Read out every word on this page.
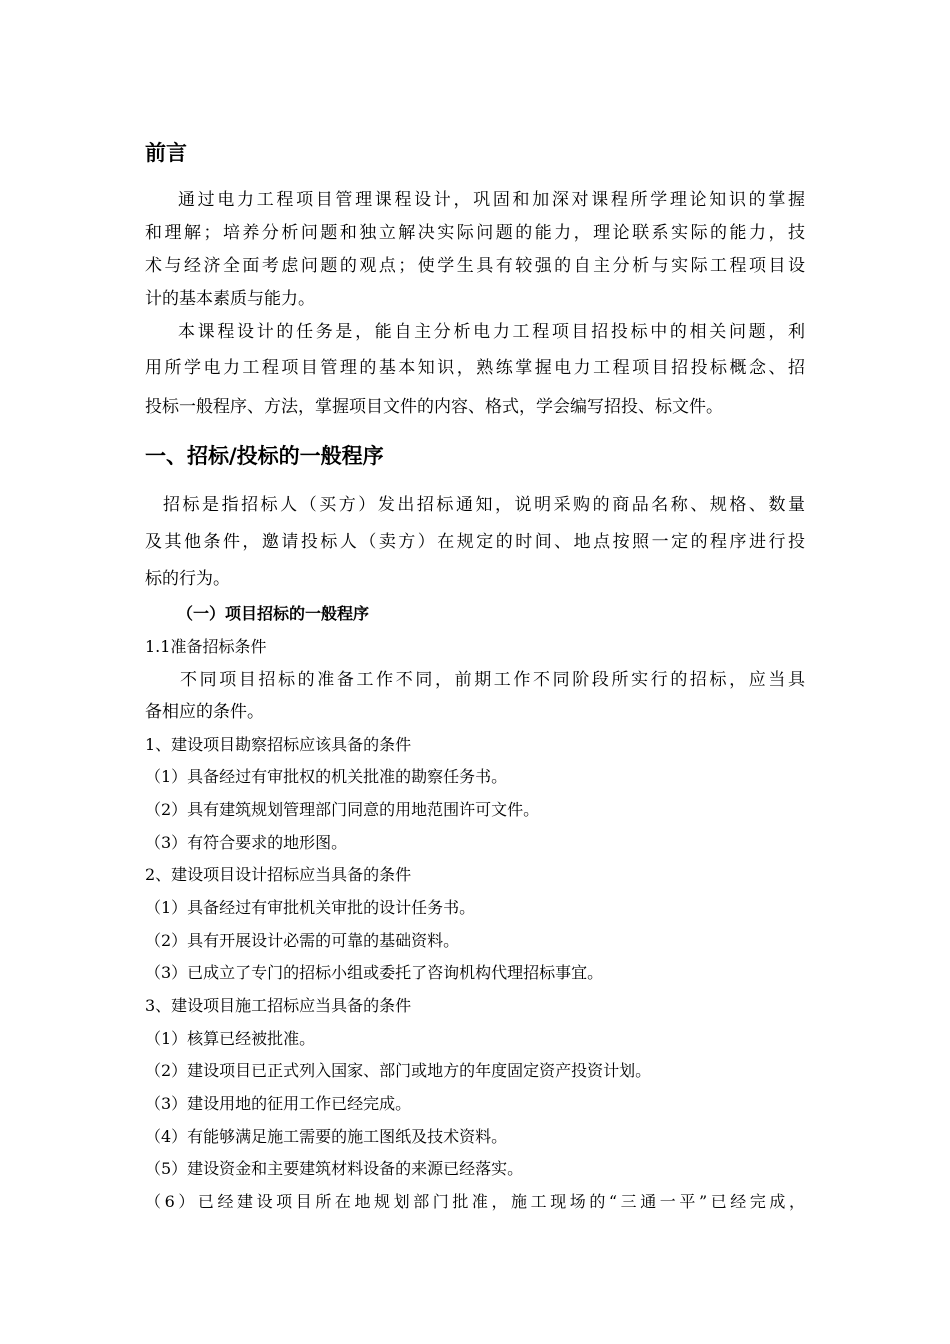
前言
通过电力工程项目管理课程设计，巩固和加深对课程所学理论知识的掌握
和理解；培养分析问题和独立解决实际问题的能力，理论联系实际的能力，技
术与经济全面考虑问题的观点；使学生具有较强的自主分析与实际工程项目设
计的基本素质与能力。
本课程设计的任务是，能自主分析电力工程项目招投标中的相关问题，利
用所学电力工程项目管理的基本知识，熟练掌握电力工程项目招投标概念、招
投标一般程序、方法，掌握项目文件的内容、格式，学会编写招投、标文件。
一、招标/投标的一般程序
招标是指招标人（买方）发出招标通知，说明采购的商品名称、规格、数量
及其他条件，邀请投标人（卖方）在规定的时间、地点按照一定的程序进行投
标的行为。
（一）项目招标的一般程序
1.1准备招标条件
不同项目招标的准备工作不同，前期工作不同阶段所实行的招标，应当具
备相应的条件。
1、建设项目勘察招标应该具备的条件
（1）具备经过有审批权的机关批准的勘察任务书。
（2）具有建筑规划管理部门同意的用地范围许可文件。
（3）有符合要求的地形图。
2、建设项目设计招标应当具备的条件
（1）具备经过有审批机关审批的设计任务书。
（2）具有开展设计必需的可靠的基础资料。
（3）已成立了专门的招标小组或委托了咨询机构代理招标事宜。
3、建设项目施工招标应当具备的条件
（1）核算已经被批准。
（2）建设项目已正式列入国家、部门或地方的年度固定资产投资计划。
（3）建设用地的征用工作已经完成。
（4）有能够满足施工需要的施工图纸及技术资料。
（5）建设资金和主要建筑材料设备的来源已经落实。
（6）已经建设项目所在地规划部门批准，施工现场的“三通一平”已经完成，
